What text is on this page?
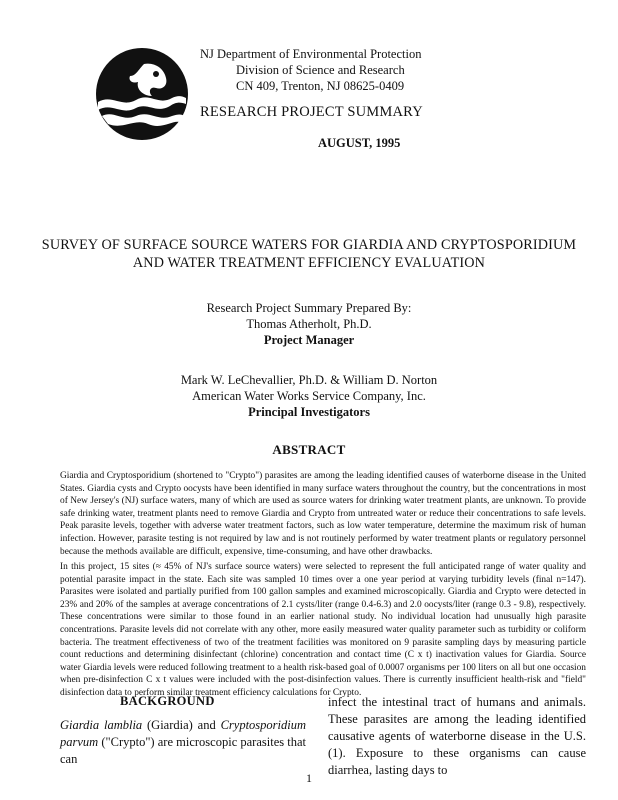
NJ Department of Environmental Protection
Division of Science and Research
CN 409, Trenton, NJ 08625-0409
RESEARCH PROJECT SUMMARY
AUGUST, 1995
SURVEY OF SURFACE SOURCE WATERS FOR GIARDIA AND CRYPTOSPORIDIUM
AND WATER TREATMENT EFFICIENCY EVALUATION
Research Project Summary Prepared By:
Thomas Atherholt, Ph.D.
Project Manager
Mark W. LeChevallier, Ph.D. & William D. Norton
American Water Works Service Company, Inc.
Principal Investigators
ABSTRACT
Giardia and Cryptosporidium (shortened to "Crypto") parasites are among the leading identified causes of waterborne disease in the United States. Giardia cysts and Crypto oocysts have been identified in many surface waters throughout the country, but the concentrations in most of New Jersey's (NJ) surface waters, many of which are used as source waters for drinking water treatment plants, are unknown. To provide safe drinking water, treatment plants need to remove Giardia and Crypto from untreated water or reduce their concentrations to safe levels. Peak parasite levels, together with adverse water treatment factors, such as low water temperature, determine the maximum risk of human infection. However, parasite testing is not required by law and is not routinely performed by water treatment plants or regulatory personnel because the methods available are difficult, expensive, time-consuming, and have other drawbacks.
In this project, 15 sites (≈ 45% of NJ's surface source waters) were selected to represent the full anticipated range of water quality and potential parasite impact in the state. Each site was sampled 10 times over a one year period at varying turbidity levels (final n=147). Parasites were isolated and partially purified from 100 gallon samples and examined microscopically. Giardia and Crypto were detected in 23% and 20% of the samples at average concentrations of 2.1 cysts/liter (range 0.4-6.3) and 2.0 oocysts/liter (range 0.3 - 9.8), respectively. These concentrations were similar to those found in an earlier national study. No individual location had unusually high parasite concentrations. Parasite levels did not correlate with any other, more easily measured water quality parameter such as turbidity or coliform bacteria. The treatment effectiveness of two of the treatment facilities was monitored on 9 parasite sampling days by measuring particle count reductions and determining disinfectant (chlorine) concentration and contact time (C x t) inactivation values for Giardia. Source water Giardia levels were reduced following treatment to a health risk-based goal of 0.0007 organisms per 100 liters on all but one occasion when pre-disinfection C x t values were included with the post-disinfection values. There is currently insufficient health-risk and "field" disinfection data to perform similar treatment efficiency calculations for Crypto.
BACKGROUND
Giardia lamblia (Giardia) and Cryptosporidium parvum ("Crypto") are microscopic parasites that can
infect the intestinal tract of humans and animals. These parasites are among the leading identified causative agents of waterborne disease in the U.S. (1). Exposure to these organisms can cause diarrhea, lasting days to
1
